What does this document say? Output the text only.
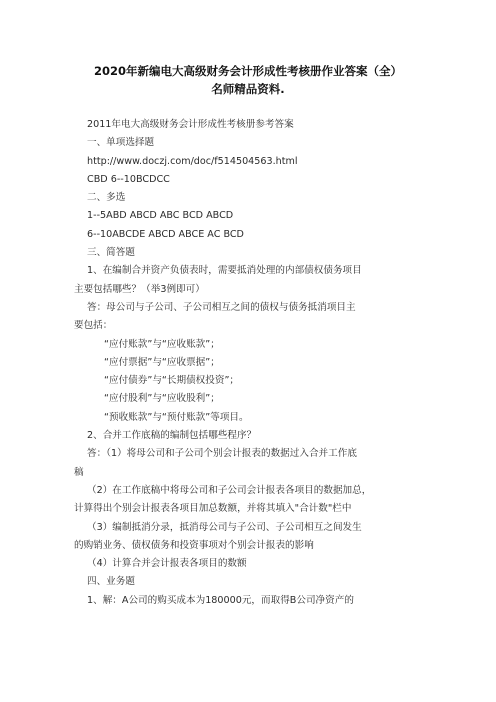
2020年新编电大高级财务会计形成性考核册作业答案（全）
名师精品资料.
2011年电大高级财务会计形成性考核册参考答案
一、单项选择题
http://www.doczj.com/doc/f514504563.html
CBD 6--10BCDCC
二、多选
1--5ABD ABCD ABC BCD ABCD
6--10ABCDE ABCD ABCE AC BCD
三、简答题
1、在编制合并资产负债表时，需要抵消处理的内部债权债务项目
主要包括哪些？（举3例即可）
答：母公司与子公司、子公司相互之间的债权与债务抵消项目主
要包括：
“应付账款”与“应收账款”；
“应付票据”与“应收票据”；
“应付债券”与“长期债权投资”；
“应付股利”与“应收股利”；
“预收账款”与“预付账款”等项目。
2、合并工作底稿的编制包括哪些程序？
答：（1）将母公司和子公司个别会计报表的数据过入合并工作底
稿
（2）在工作底稿中将母公司和子公司会计报表各项目的数据加总，
计算得出个别会计报表各项目加总数额，并将其填入"合计数"栏中
（3）编制抵消分录，抵消母公司与子公司、子公司相互之间发生
的购销业务、债权债务和投资事项对个别会计报表的影响
（4）计算合并会计报表各项目的数额
四、业务题
1、解：A公司的购买成本为180000元，而取得B公司净资产的
